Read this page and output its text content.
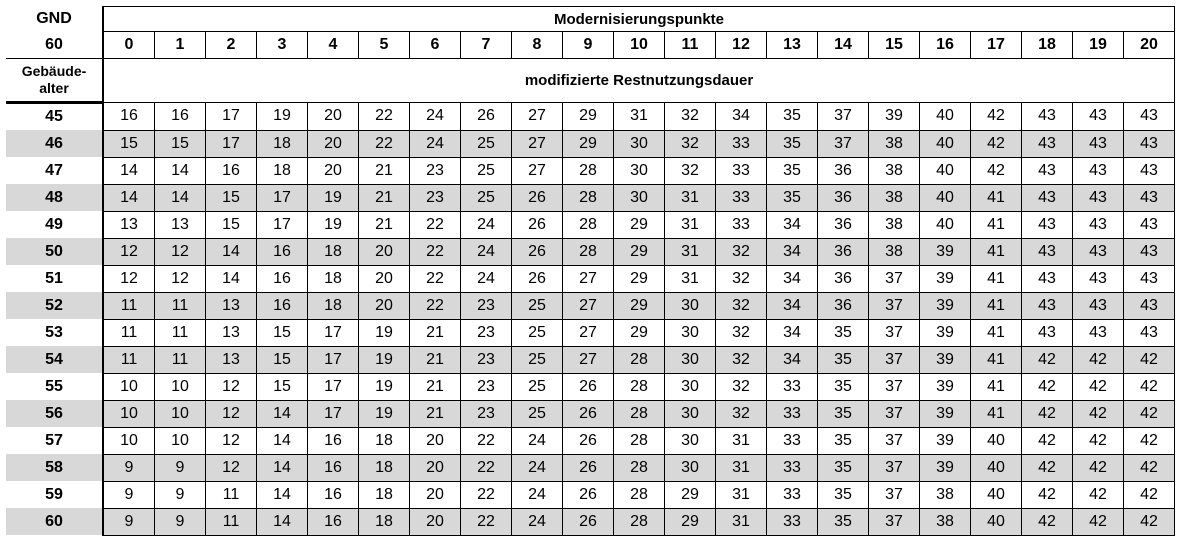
GND	Modernisierungspunkte																				
60	0	1	2	3	4	5	6	7	8	9	10	11	12	13	14	15	16	17	18	19	20
Gebäude-
alter	modifizierte Restnutzungsdauer																				
45	16	16	17	19	20	22	24	26	27	29	31	32	34	35	37	39	40	42	43	43	43
46	15	15	17	18	20	22	24	25	27	29	30	32	33	35	37	38	40	42	43	43	43
47	14	14	16	18	20	21	23	25	27	28	30	32	33	35	36	38	40	42	43	43	43
48	14	14	15	17	19	21	23	25	26	28	30	31	33	35	36	38	40	41	43	43	43
49	13	13	15	17	19	21	22	24	26	28	29	31	33	34	36	38	40	41	43	43	43
50	12	12	14	16	18	20	22	24	26	28	29	31	32	34	36	38	39	41	43	43	43
51	12	12	14	16	18	20	22	24	26	27	29	31	32	34	36	37	39	41	43	43	43
52	11	11	13	16	18	20	22	23	25	27	29	30	32	34	36	37	39	41	43	43	43
53	11	11	13	15	17	19	21	23	25	27	29	30	32	34	35	37	39	41	43	43	43
54	11	11	13	15	17	19	21	23	25	27	28	30	32	34	35	37	39	41	42	42	42
55	10	10	12	15	17	19	21	23	25	26	28	30	32	33	35	37	39	41	42	42	42
56	10	10	12	14	17	19	21	23	25	26	28	30	32	33	35	37	39	41	42	42	42
57	10	10	12	14	16	18	20	22	24	26	28	30	31	33	35	37	39	40	42	42	42
58	9	9	12	14	16	18	20	22	24	26	28	30	31	33	35	37	39	40	42	42	42
59	9	9	11	14	16	18	20	22	24	26	28	29	31	33	35	37	38	40	42	42	42
60	9	9	11	14	16	18	20	22	24	26	28	29	31	33	35	37	38	40	42	42	42
